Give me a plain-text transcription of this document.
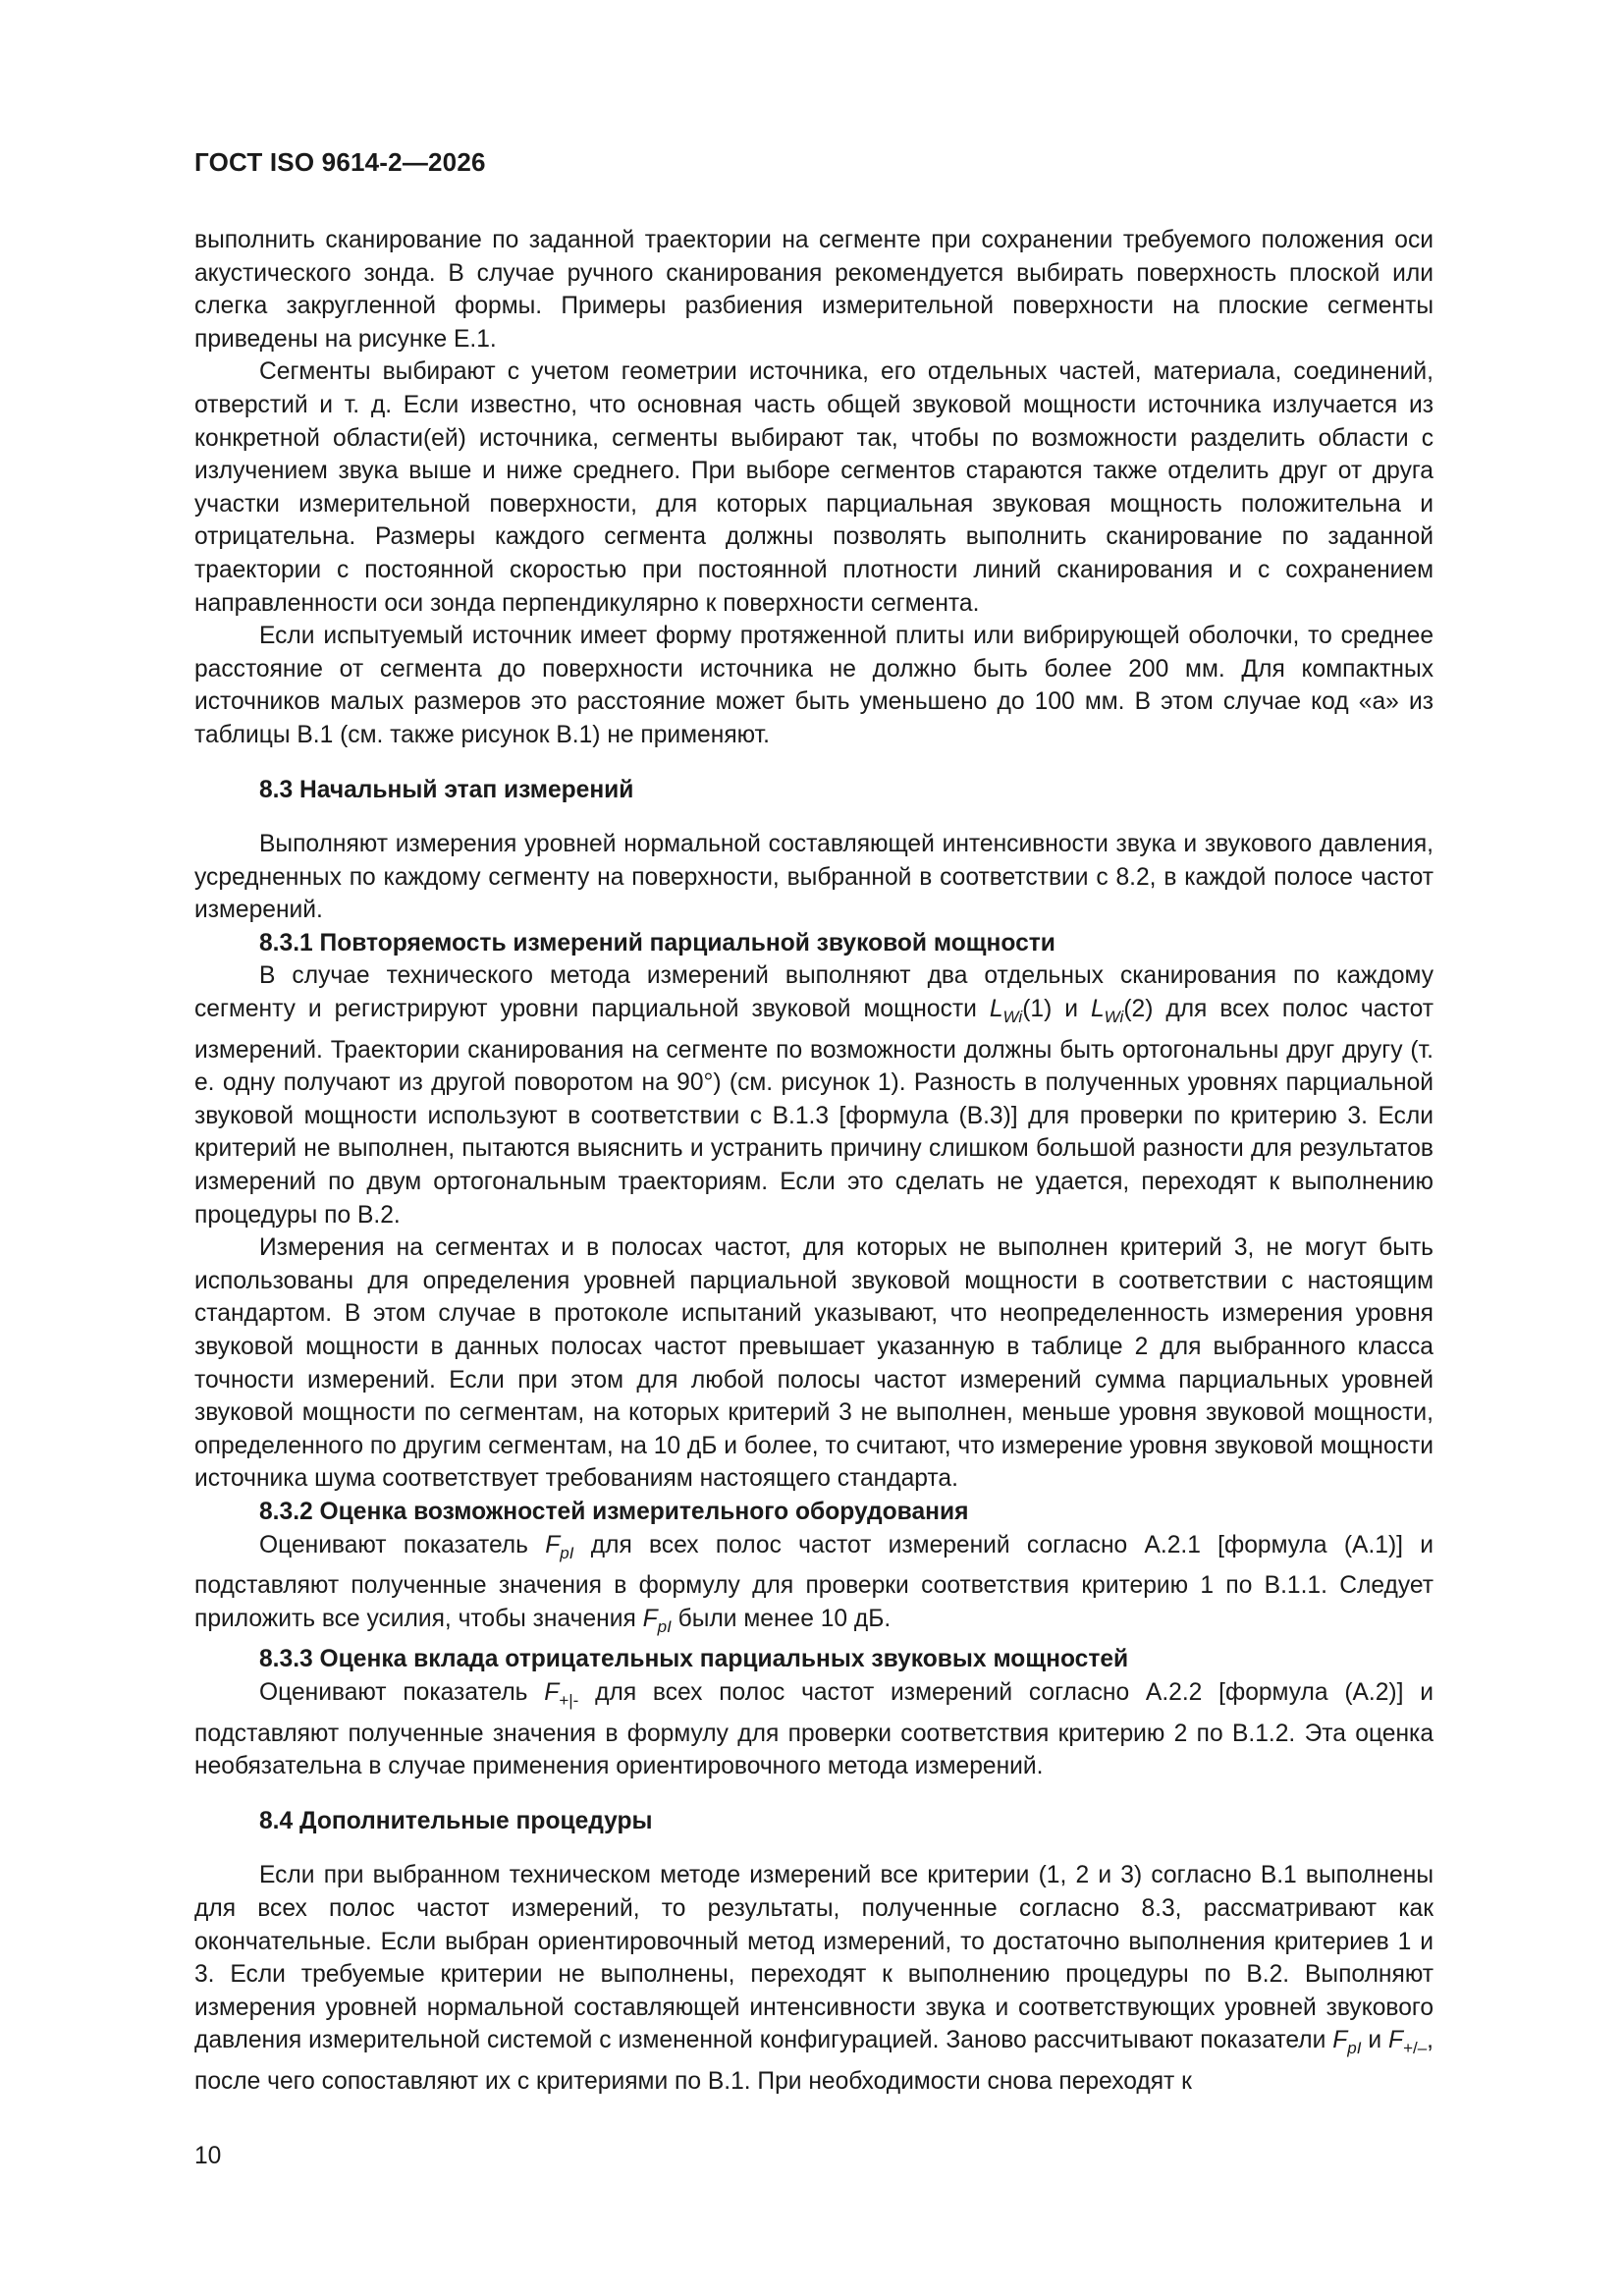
ГОСТ ISO 9614-2—2026

выполнить сканирование по заданной траектории на сегменте при сохранении требуемого положения оси акустического зонда. В случае ручного сканирования рекомендуется выбирать поверхность плоской или слегка закругленной формы. Примеры разбиения измерительной поверхности на плоские сегменты приведены на рисунке Е.1.

Сегменты выбирают с учетом геометрии источника, его отдельных частей, материала, соединений, отверстий и т. д. Если известно, что основная часть общей звуковой мощности источника излучается из конкретной области(ей) источника, сегменты выбирают так, чтобы по возможности разделить области с излучением звука выше и ниже среднего. При выборе сегментов стараются также отделить друг от друга участки измерительной поверхности, для которых парциальная звуковая мощность положительна и отрицательна. Размеры каждого сегмента должны позволять выполнить сканирование по заданной траектории с постоянной скоростью при постоянной плотности линий сканирования и с сохранением направленности оси зонда перпендикулярно к поверхности сегмента.

Если испытуемый источник имеет форму протяженной плиты или вибрирующей оболочки, то среднее расстояние от сегмента до поверхности источника не должно быть более 200 мм. Для компактных источников малых размеров это расстояние может быть уменьшено до 100 мм. В этом случае код «а» из таблицы В.1 (см. также рисунок В.1) не применяют.

8.3 Начальный этап измерений

Выполняют измерения уровней нормальной составляющей интенсивности звука и звукового давления, усредненных по каждому сегменту на поверхности, выбранной в соответствии с 8.2, в каждой полосе частот измерений.

8.3.1 Повторяемость измерений парциальной звуковой мощности

В случае технического метода измерений выполняют два отдельных сканирования по каждому сегменту и регистрируют уровни парциальной звуковой мощности $L_{Wi}(1)$ и $L_{Wi}(2)$ для всех полос частот измерений. Траектории сканирования на сегменте по возможности должны быть ортогональны друг другу (т. е. одну получают из другой поворотом на 90°) (см. рисунок 1). Разность в полученных уровнях парциальной звуковой мощности используют в соответствии с В.1.3 [формула (В.3)] для проверки по критерию 3. Если критерий не выполнен, пытаются выяснить и устранить причину слишком большой разности для результатов измерений по двум ортогональным траекториям. Если это сделать не удается, переходят к выполнению процедуры по В.2.

Измерения на сегментах и в полосах частот, для которых не выполнен критерий 3, не могут быть использованы для определения уровней парциальной звуковой мощности в соответствии с настоящим стандартом. В этом случае в протоколе испытаний указывают, что неопределенность измерения уровня звуковой мощности в данных полосах частот превышает указанную в таблице 2 для выбранного класса точности измерений. Если при этом для любой полосы частот измерений сумма парциальных уровней звуковой мощности по сегментам, на которых критерий 3 не выполнен, меньше уровня звуковой мощности, определенного по другим сегментам, на 10 дБ и более, то считают, что измерение уровня звуковой мощности источника шума соответствует требованиям настоящего стандарта.

8.3.2 Оценка возможностей измерительного оборудования

Оценивают показатель $F_{pI}$ для всех полос частот измерений согласно А.2.1 [формула (А.1)] и подставляют полученные значения в формулу для проверки соответствия критерию 1 по В.1.1. Следует приложить все усилия, чтобы значения $F_{pI}$ были менее 10 дБ.

8.3.3 Оценка вклада отрицательных парциальных звуковых мощностей

Оценивают показатель $F_{+|-}$ для всех полос частот измерений согласно А.2.2 [формула (А.2)] и подставляют полученные значения в формулу для проверки соответствия критерию 2 по В.1.2. Эта оценка необязательна в случае применения ориентировочного метода измерений.

8.4 Дополнительные процедуры

Если при выбранном техническом методе измерений все критерии (1, 2 и 3) согласно В.1 выполнены для всех полос частот измерений, то результаты, полученные согласно 8.3, рассматривают как окончательные. Если выбран ориентировочный метод измерений, то достаточно выполнения критериев 1 и 3. Если требуемые критерии не выполнены, переходят к выполнению процедуры по В.2. Выполняют измерения уровней нормальной составляющей интенсивности звука и соответствующих уровней звукового давления измерительной системой с измененной конфигурацией. Заново рассчитывают показатели $F_{pI}$ и $F_{+/-}$, после чего сопоставляют их с критериями по В.1. При необходимости снова переходят к

10
